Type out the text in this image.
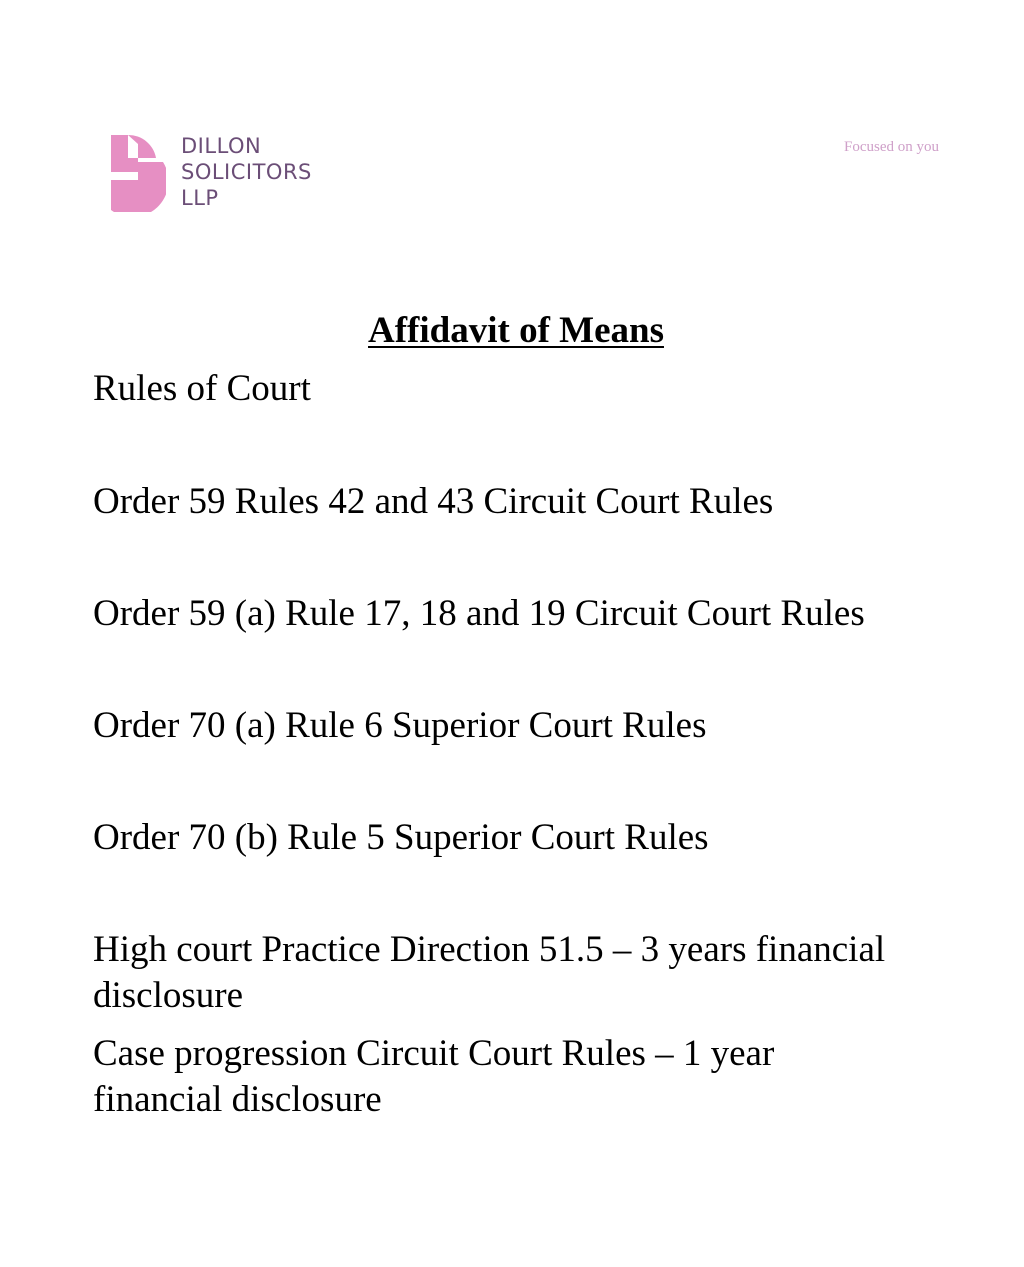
DILLON
SOLICITORS
LLP
Focused on you
Affidavit of Means
Rules of Court
Order 59 Rules 42 and 43 Circuit Court Rules
Order 59 (a) Rule 17, 18 and 19 Circuit Court Rules
Order 70 (a) Rule 6 Superior Court Rules
Order 70 (b) Rule 5 Superior Court Rules
High court Practice Direction 51.5 – 3 years financial disclosure
Case progression Circuit Court Rules – 1 year financial disclosure
